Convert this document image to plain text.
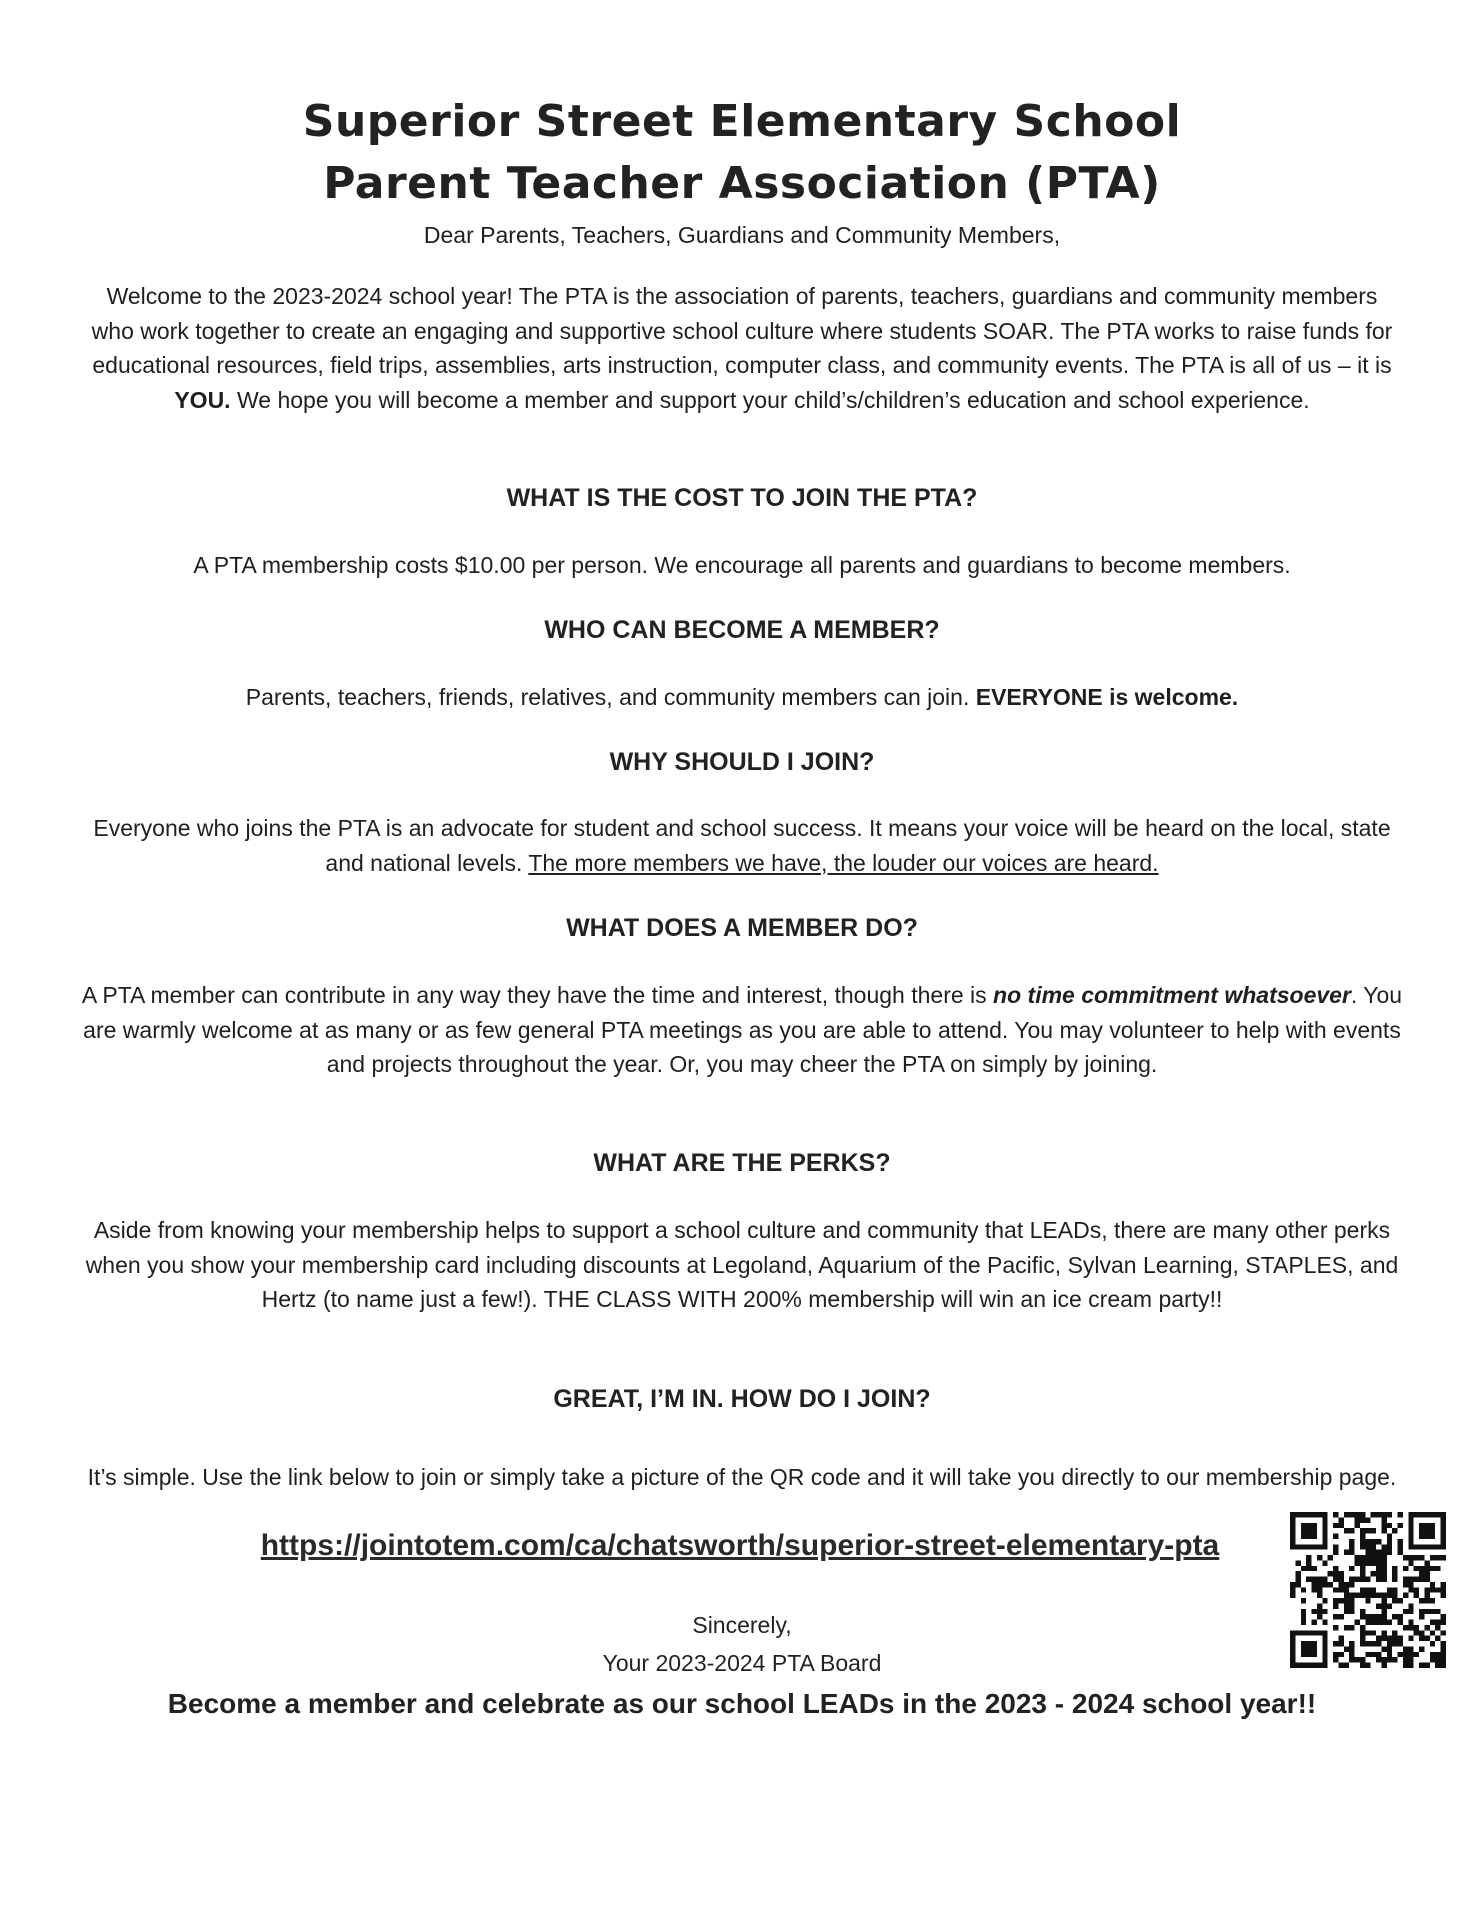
Superior Street Elementary School
Parent Teacher Association (PTA)

Dear Parents, Teachers, Guardians and Community Members,

Welcome to the 2023-2024 school year! The PTA is the association of parents, teachers, guardians and community members who work together to create an engaging and supportive school culture where students SOAR. The PTA works to raise funds for educational resources, field trips, assemblies, arts instruction, computer class, and community events. The PTA is all of us – it is YOU. We hope you will become a member and support your child’s/children’s education and school experience.

WHAT IS THE COST TO JOIN THE PTA?

A PTA membership costs $10.00 per person. We encourage all parents and guardians to become members.

WHO CAN BECOME A MEMBER?

Parents, teachers, friends, relatives, and community members can join. EVERYONE is welcome.

WHY SHOULD I JOIN?

Everyone who joins the PTA is an advocate for student and school success. It means your voice will be heard on the local, state and national levels. The more members we have, the louder our voices are heard.

WHAT DOES A MEMBER DO?

A PTA member can contribute in any way they have the time and interest, though there is no time commitment whatsoever. You are warmly welcome at as many or as few general PTA meetings as you are able to attend. You may volunteer to help with events and projects throughout the year. Or, you may cheer the PTA on simply by joining.

WHAT ARE THE PERKS?

Aside from knowing your membership helps to support a school culture and community that LEADs, there are many other perks when you show your membership card including discounts at Legoland, Aquarium of the Pacific, Sylvan Learning, STAPLES, and Hertz (to name just a few!). THE CLASS WITH 200% membership will win an ice cream party!!

GREAT, I’M IN. HOW DO I JOIN?

It’s simple. Use the link below to join or simply take a picture of the QR code and it will take you directly to our membership page.

https://jointotem.com/ca/chatsworth/superior-street-elementary-pta

Sincerely,

Your 2023-2024 PTA Board

Become a member and celebrate as our school LEADs in the 2023 - 2024 school year!!
